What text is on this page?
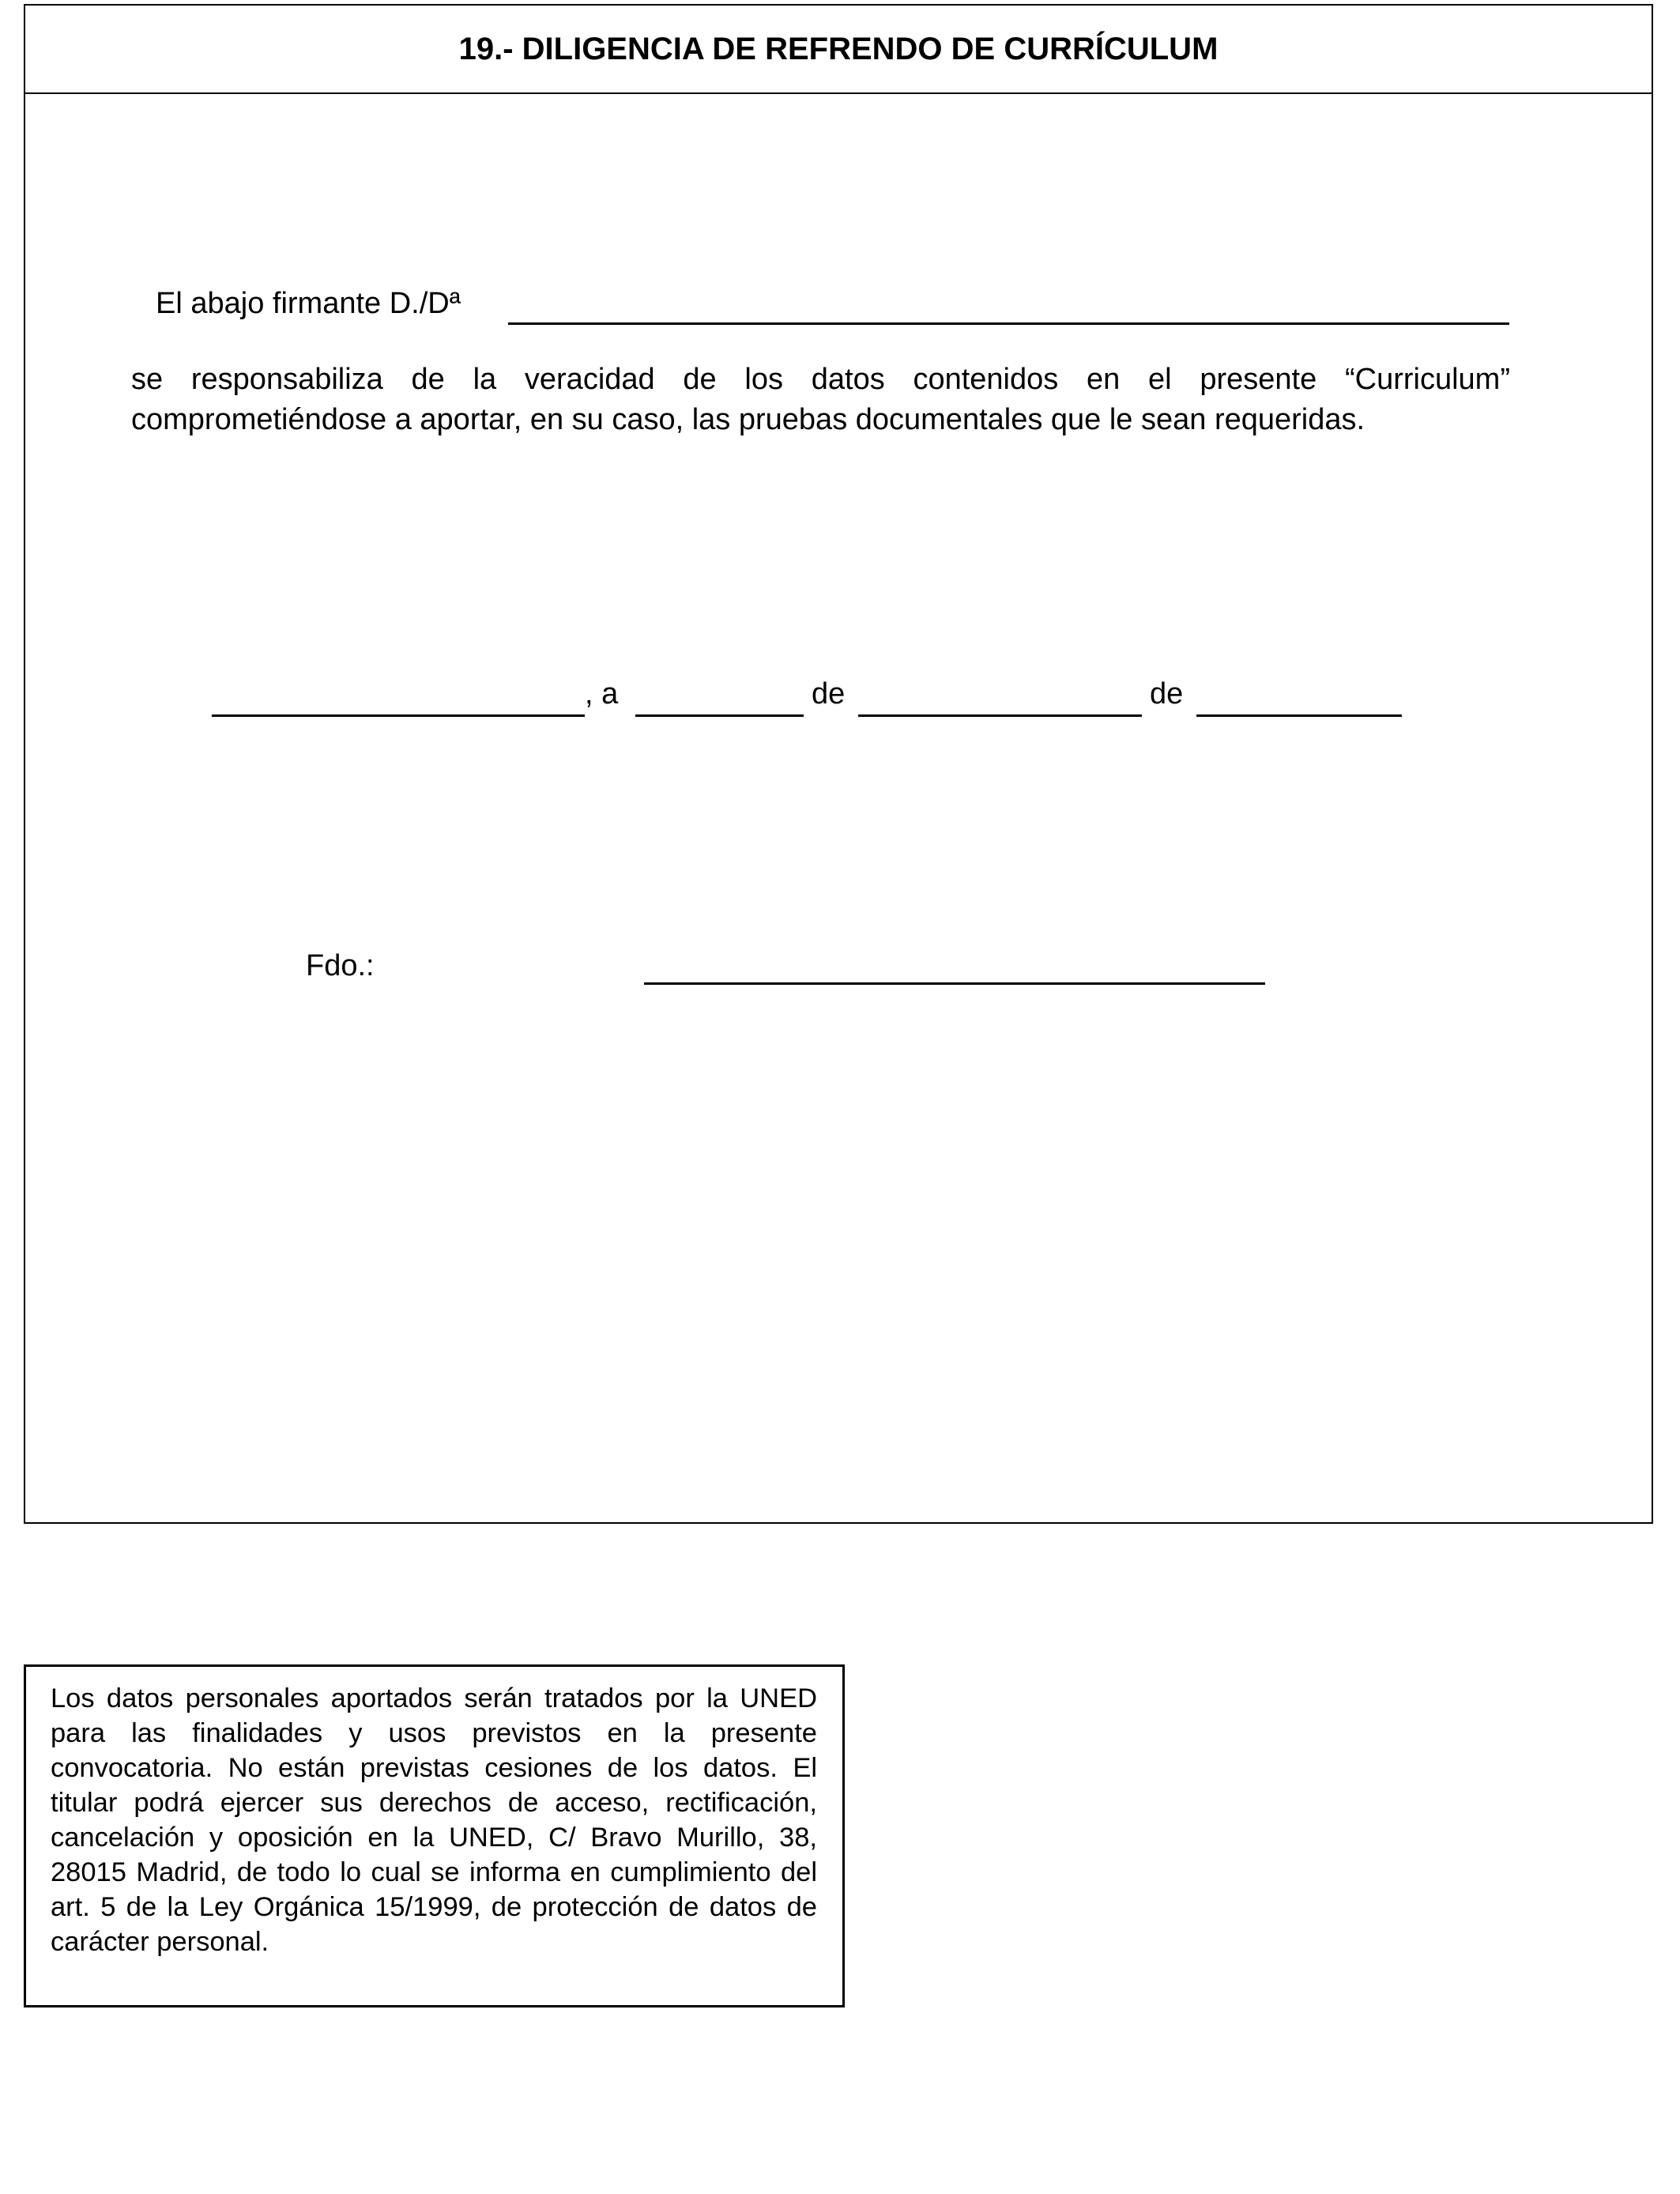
19.- DILIGENCIA DE REFRENDO DE CURRÍCULUM
El abajo firmante D./Dª

se responsabiliza de la veracidad de los datos contenidos en el presente “Curriculum” comprometiéndose a aportar, en su caso, las pruebas documentales que le sean requeridas.

, a	de	de
Fdo.:

Los datos personales aportados serán tratados por la UNED para las finalidades y usos previstos en la presente convocatoria. No están previstas cesiones de los datos. El titular podrá ejercer sus derechos de acceso, rectificación, cancelación y oposición en la UNED, C/ Bravo Murillo, 38, 28015 Madrid, de todo lo cual se informa en cumplimiento del art. 5 de la Ley Orgánica 15/1999, de protección de datos de carácter personal.
